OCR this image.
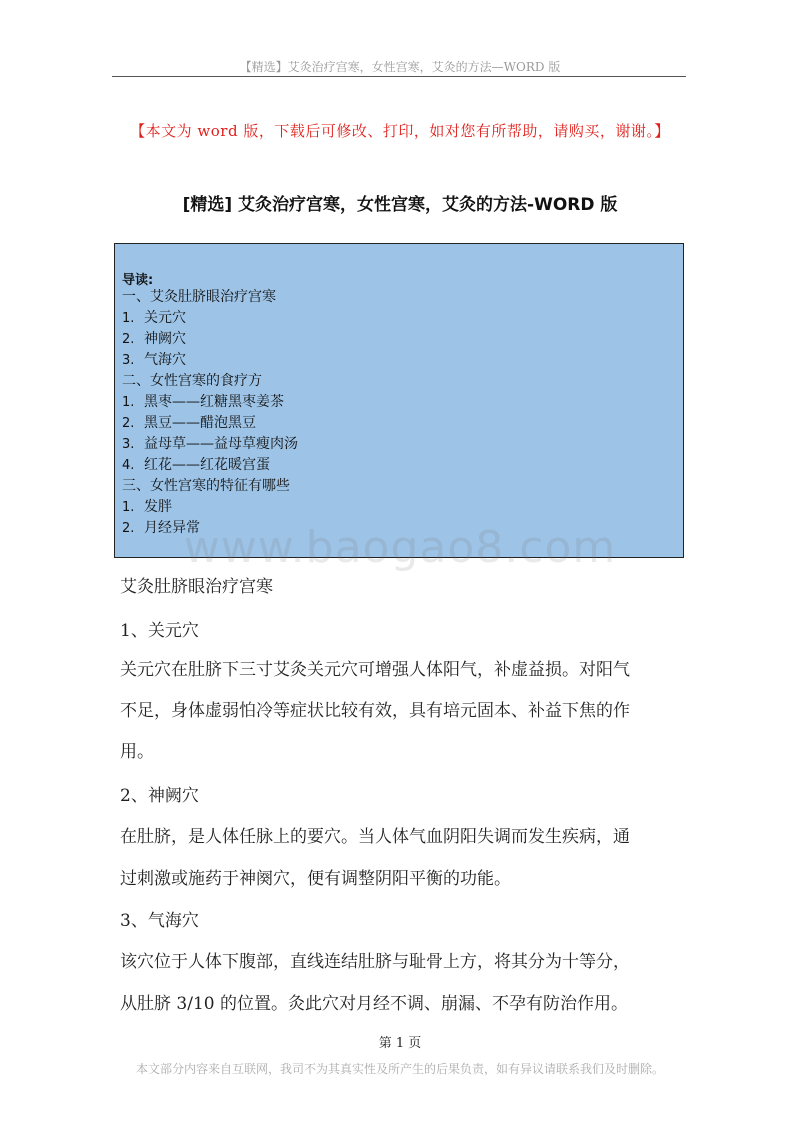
【精选】艾灸治疗宫寒，女性宫寒，艾灸的方法—WORD 版
【本文为 word 版，下载后可修改、打印，如对您有所帮助，请购买，谢谢。】
[精选] 艾灸治疗宫寒，女性宫寒，艾灸的方法-WORD 版
导读:
一、艾灸肚脐眼治疗宫寒
1. 关元穴
2. 神阙穴
3. 气海穴
二、女性宫寒的食疗方
1. 黑枣——红糖黑枣姜茶
2. 黑豆——醋泡黑豆
3. 益母草——益母草瘦肉汤
4. 红花——红花暖宫蛋
三、女性宫寒的特征有哪些
1. 发胖
2. 月经异常
www.baogao8.com
艾灸肚脐眼治疗宫寒
1、关元穴
关元穴在肚脐下三寸艾灸关元穴可增强人体阳气，补虚益损。对阳气
不足，身体虚弱怕冷等症状比较有效，具有培元固本、补益下焦的作
用。
2、神阙穴
在肚脐，是人体任脉上的要穴。当人体气血阴阳失调而发生疾病，通
过刺激或施药于神阕穴，便有调整阴阳平衡的功能。
3、气海穴
该穴位于人体下腹部，直线连结肚脐与耻骨上方，将其分为十等分，
从肚脐 3/10 的位置。灸此穴对月经不调、崩漏、不孕有防治作用。
第 1 页
本文部分内容来自互联网，我司不为其真实性及所产生的后果负责，如有异议请联系我们及时删除。
